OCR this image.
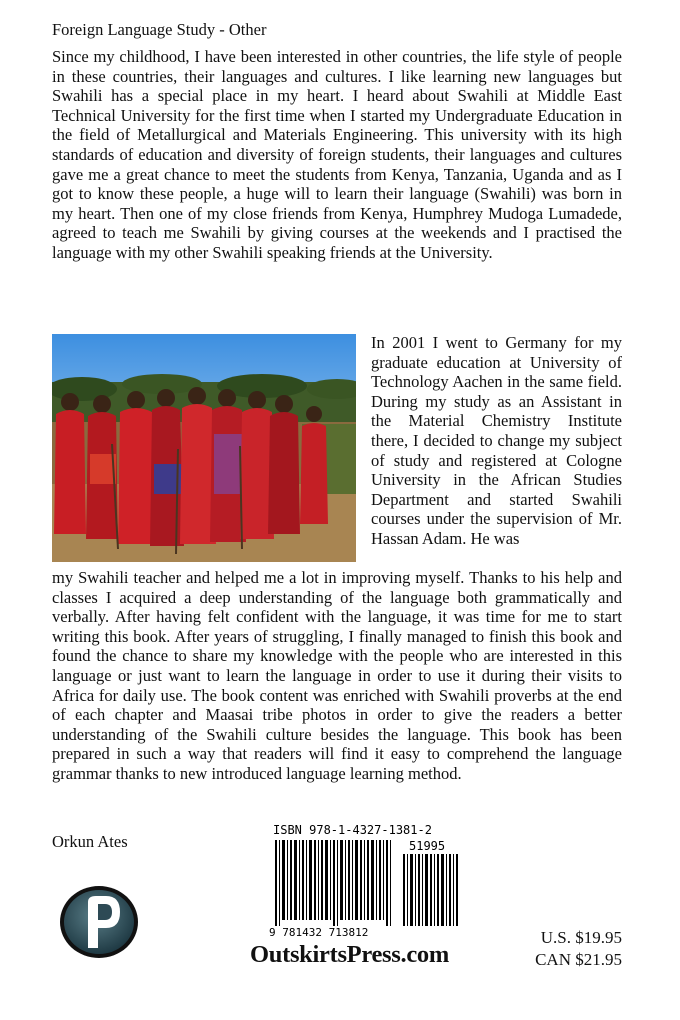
Foreign Language Study - Other
Since my childhood, I have been interested in other countries, the life style of people in these countries, their languages and cultures. I like learning new languages but Swahili has a special place in my heart. I heard about Swahili at Middle East Technical University for the first time when I started my Undergraduate Education in the field of Metallurgical and Materials Engineering. This university with its high standards of education and diversity of foreign students, their languages and cultures gave me a great chance to meet the students from Kenya, Tanzania, Uganda and as I got to know these people, a huge will to learn their language (Swahili) was born in my heart. Then one of my close friends from Kenya, Humphrey Mudoga Lumadede, agreed to teach me Swahili by giving courses at the weekends and I practised the language with my other Swahili speaking friends at the University.
In 2001 I went to Germany for my graduate education at University of Technology Aachen in the same field. During my study as an Assistant in the Material Chemistry Institute there, I decided to change my subject of study and registered at Cologne University in the African Studies Department and started Swahili courses under the supervision of Mr. Hassan Adam. He was
my Swahili teacher and helped me a lot in improving myself. Thanks to his help and classes I acquired a deep understanding of the language both grammatically and verbally. After having felt confident with the language, it was time for me to start writing this book. After years of struggling, I finally managed to finish this book and found the chance to share my knowledge with the people who are interested in this language or just want to learn the language in order to use it during their visits to Africa for daily use. The book content was enriched with Swahili proverbs at the end of each chapter and Maasai tribe photos in order to give the readers a better understanding of the Swahili culture besides the language. This book has been prepared in such a way that readers will find it easy to comprehend the language grammar thanks to new introduced language learning method.
Orkun Ates
ISBN 978-1-4327-1381-2
51995
9 781432 713812
OutskirtsPress.com
U.S. $19.95
CAN $21.95
